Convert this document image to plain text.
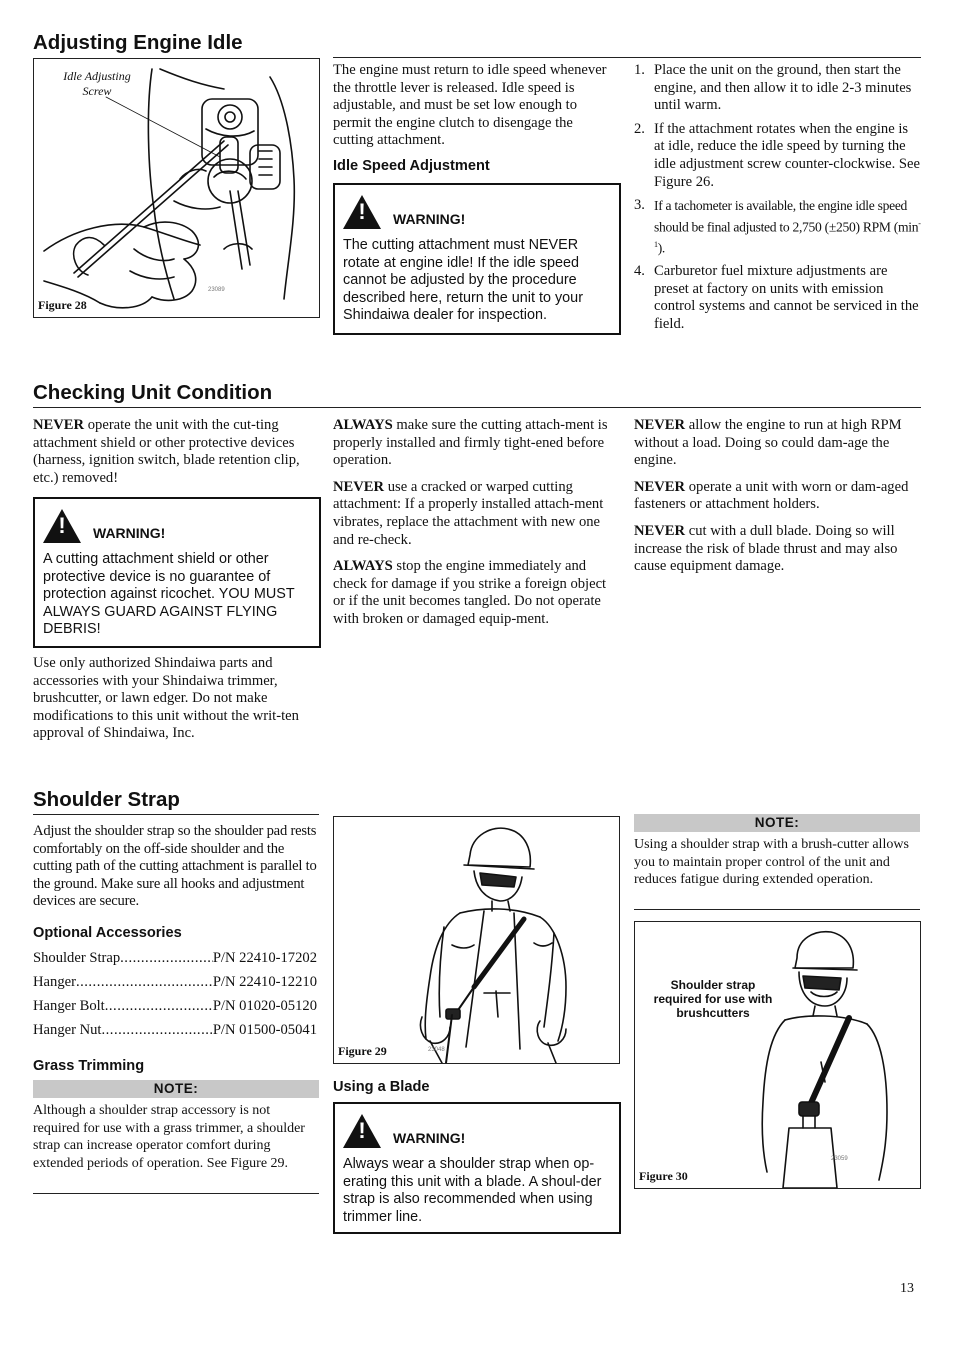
Adjusting Engine Idle
Idle Adjusting
Screw
23089
Figure 28

The engine must return to idle speed whenever the throttle lever is released. Idle speed is adjustable, and must be set low enough to permit the engine clutch to disengage the cutting attachment.

Idle Speed Adjustment
!	WARNING!
The cutting attachment must NEVER rotate at engine idle! If the idle speed cannot be adjusted by the procedure described here, return the unit to your Shindaiwa dealer for inspection.
1. Place the unit on the ground, then start the engine, and then allow it to idle 2-3 minutes until warm.
2. If the attachment rotates when the engine is at idle, reduce the idle speed by turning the idle adjustment screw counter-clockwise. See Figure 26.
3. If a tachometer is available, the engine idle speed should be final adjusted to 2,750 (±250) RPM $(\min^{-1})$.
4. Carburetor fuel mixture adjustments are preset at factory on units with emission control systems and cannot be serviced in the field.
Checking Unit Condition

NEVER operate the unit with the cut-ting attachment shield or other protective devices (harness, ignition switch, blade retention clip, etc.) removed!

!	WARNING!
A cutting attachment shield or other protective device is no guarantee of protection against ricochet. YOU MUST ALWAYS GUARD AGAINST FLYING DEBRIS!

Use only authorized Shindaiwa parts and accessories with your Shindaiwa trimmer, brushcutter, or lawn edger. Do not make modifications to this unit without the writ-ten approval of Shindaiwa, Inc.

ALWAYS make sure the cutting attach-ment is properly installed and firmly tight-ened before operation.

NEVER use a cracked or warped cutting attachment: If a properly installed attach-ment vibrates, replace the attachment with new one and re-check.

ALWAYS stop the engine immediately and check for damage if you strike a foreign object or if the unit becomes tangled. Do not operate with broken or damaged equip-ment.

NEVER allow the engine to run at high RPM without a load. Doing so could dam-age the engine.

NEVER operate a unit with worn or dam-aged fasteners or attachment holders.

NEVER cut with a dull blade. Doing so will increase the risk of blade thrust and may also cause equipment damage.

Shoulder Strap
Adjust the shoulder strap so the shoulder pad rests comfortably on the off-side shoulder and the cutting path of the cutting attachment is parallel to the ground. Make sure all hooks and adjustment devices are secure.
Optional Accessories
Shoulder Strap .....	P/N 22410-17202
Hanger .....	P/N 22410-12210
Hanger Bolt .....	P/N 01020-05120
Hanger Nut .....	P/N 01500-05041
Grass Trimming
NOTE:
Although a shoulder strap accessory is not required for use with a grass trimmer, a shoulder strap can increase operator comfort during extended periods of operation. See Figure 29.
23048
Figure 29
Using a Blade
!	WARNING!
Always wear a shoulder strap when op-erating this unit with a blade. A shoul-der strap is also recommended when using trimmer line.
NOTE:
Using a shoulder strap with a brush-cutter allows you to maintain proper control of the unit and reduces fatigue during extended operation.
Shoulder strap required for use with brushcutters
23059
Figure 30
13
